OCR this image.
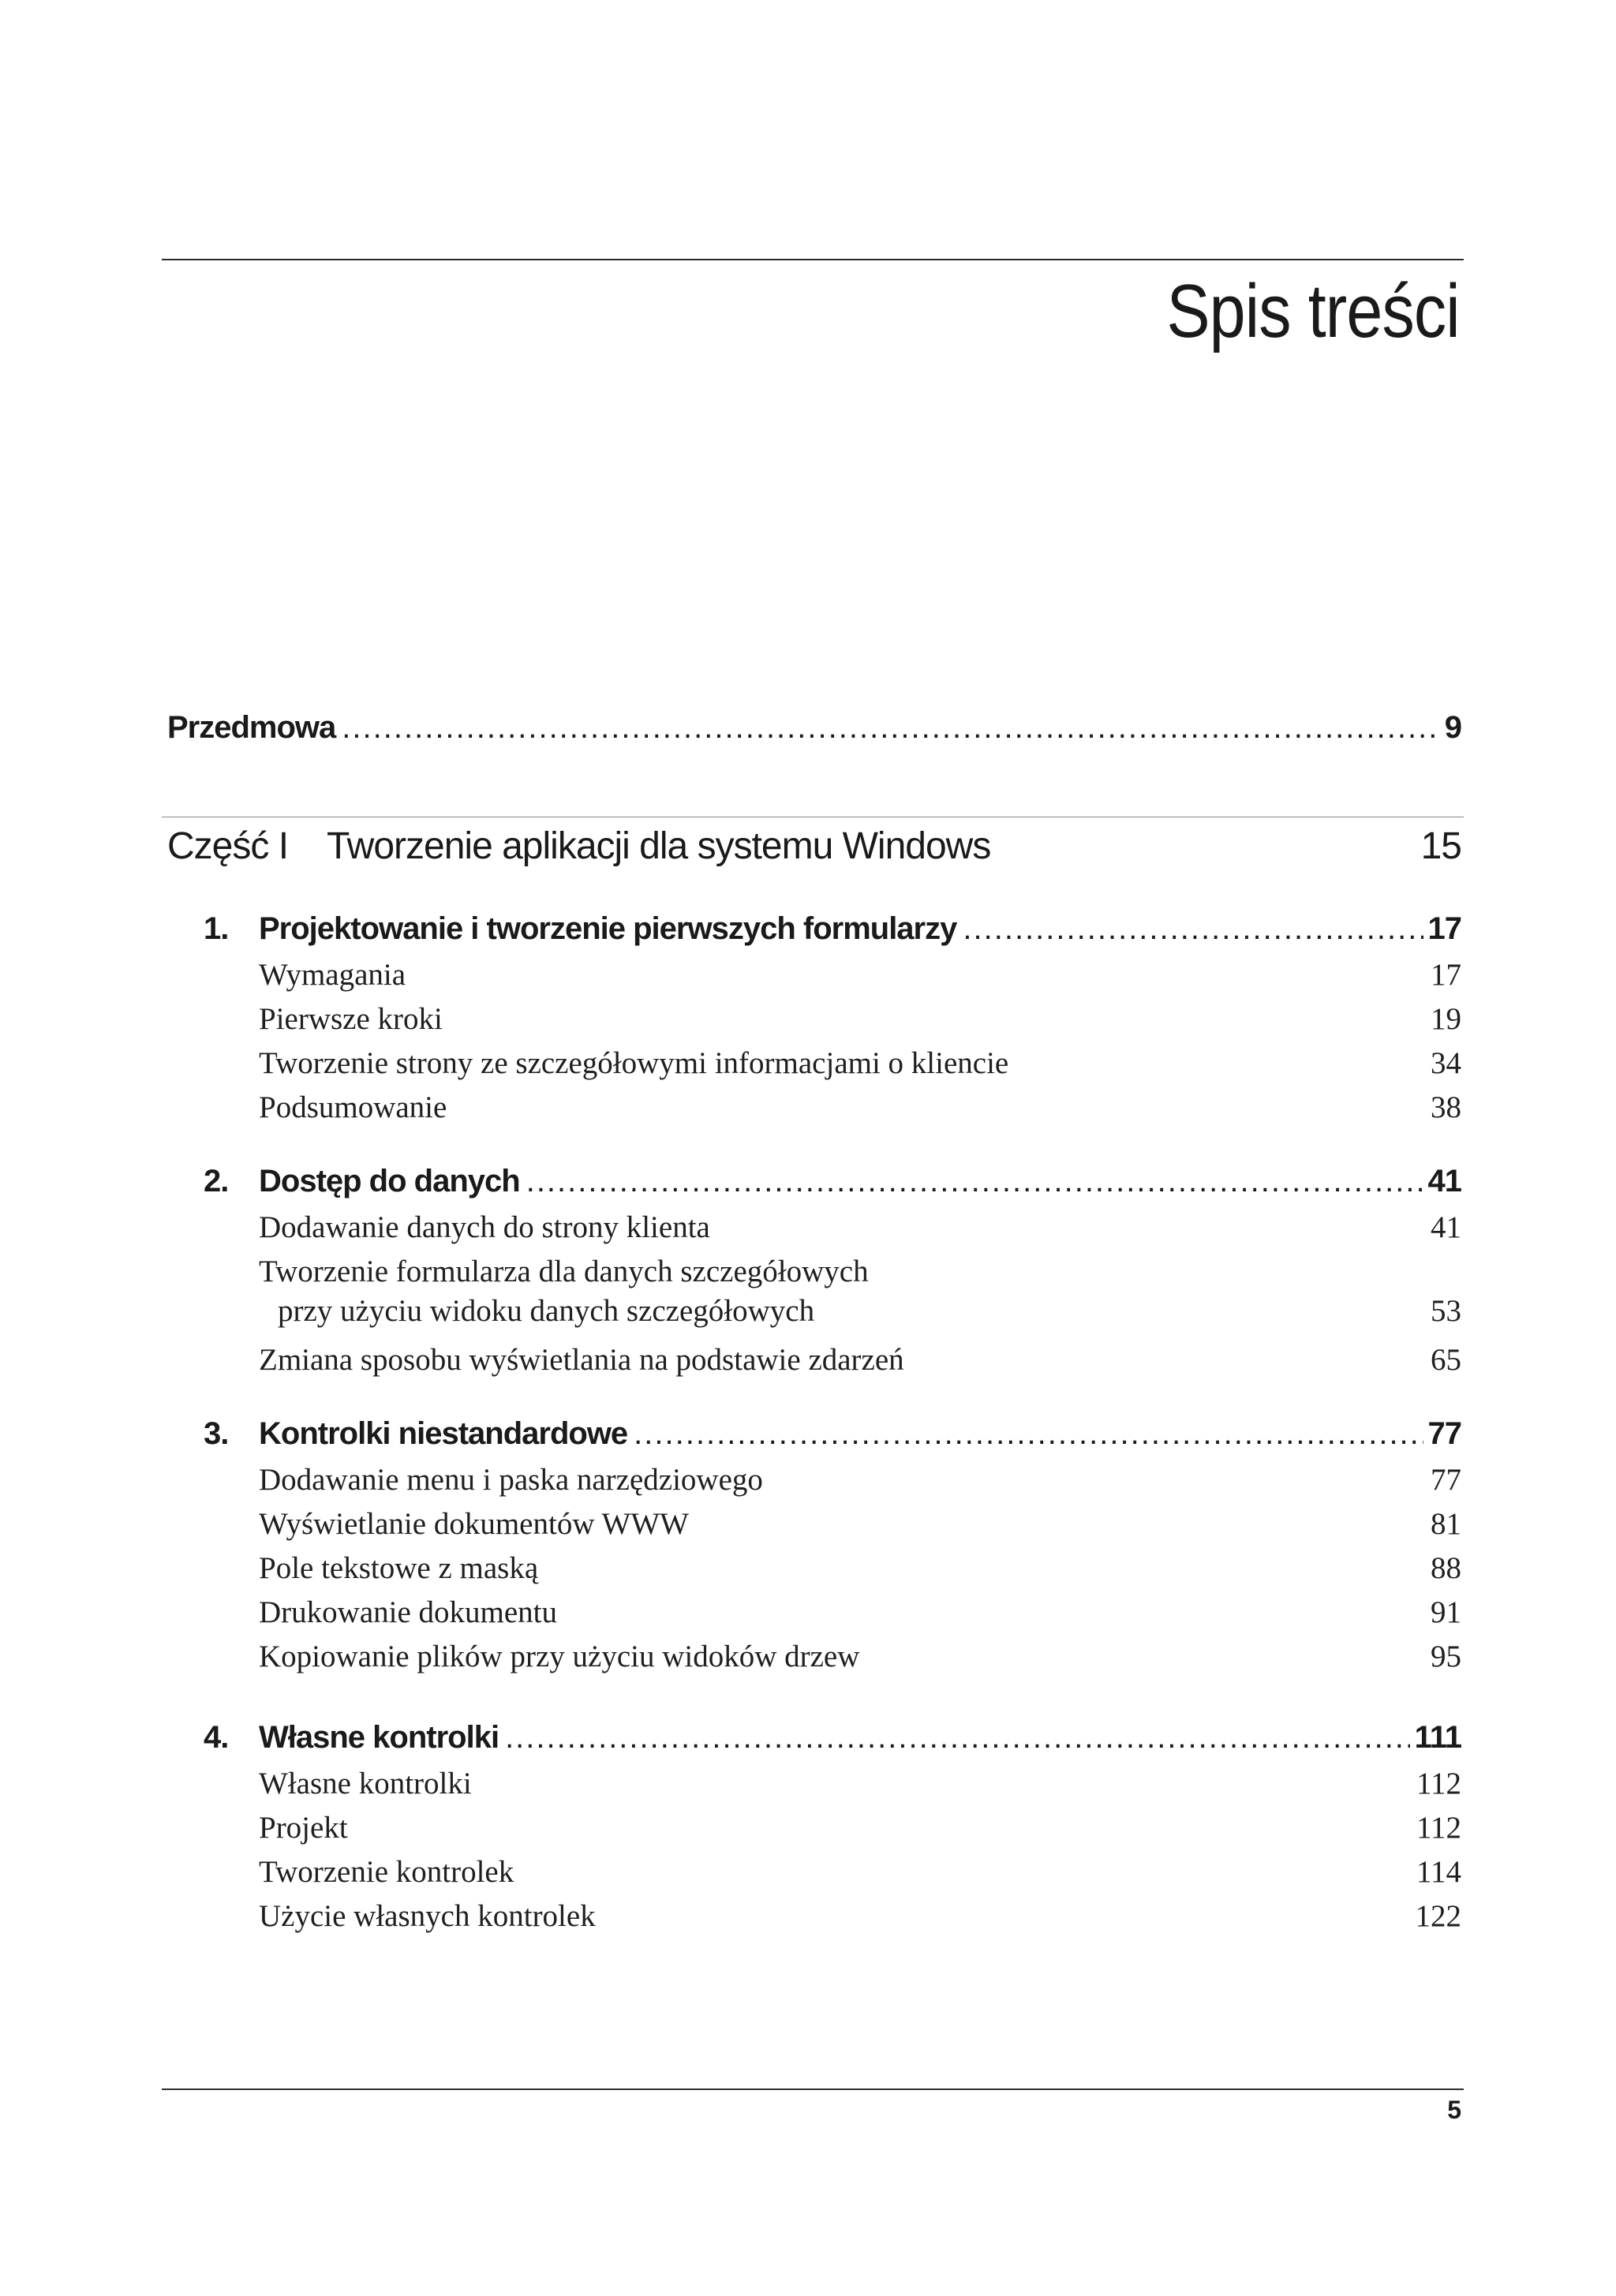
Spis treści
Przedmowa .....	9
Część I Tworzenie aplikacji dla systemu Windows	15
1. Projektowanie i tworzenie pierwszych formularzy .....	17
Wymagania	17
Pierwsze kroki	19
Tworzenie strony ze szczegółowymi informacjami o kliencie	34
Podsumowanie	38
2. Dostęp do danych .....	41
Dodawanie danych do strony klienta	41
Tworzenie formularza dla danych szczegółowych
przy użyciu widoku danych szczegółowych	53
Zmiana sposobu wyświetlania na podstawie zdarzeń	65
3. Kontrolki niestandardowe .....	77
Dodawanie menu i paska narzędziowego	77
Wyświetlanie dokumentów WWW	81
Pole tekstowe z maską	88
Drukowanie dokumentu	91
Kopiowanie plików przy użyciu widoków drzew	95
4. Własne kontrolki .....	111
Własne kontrolki	112
Projekt	112
Tworzenie kontrolek	114
Użycie własnych kontrolek	122
5
